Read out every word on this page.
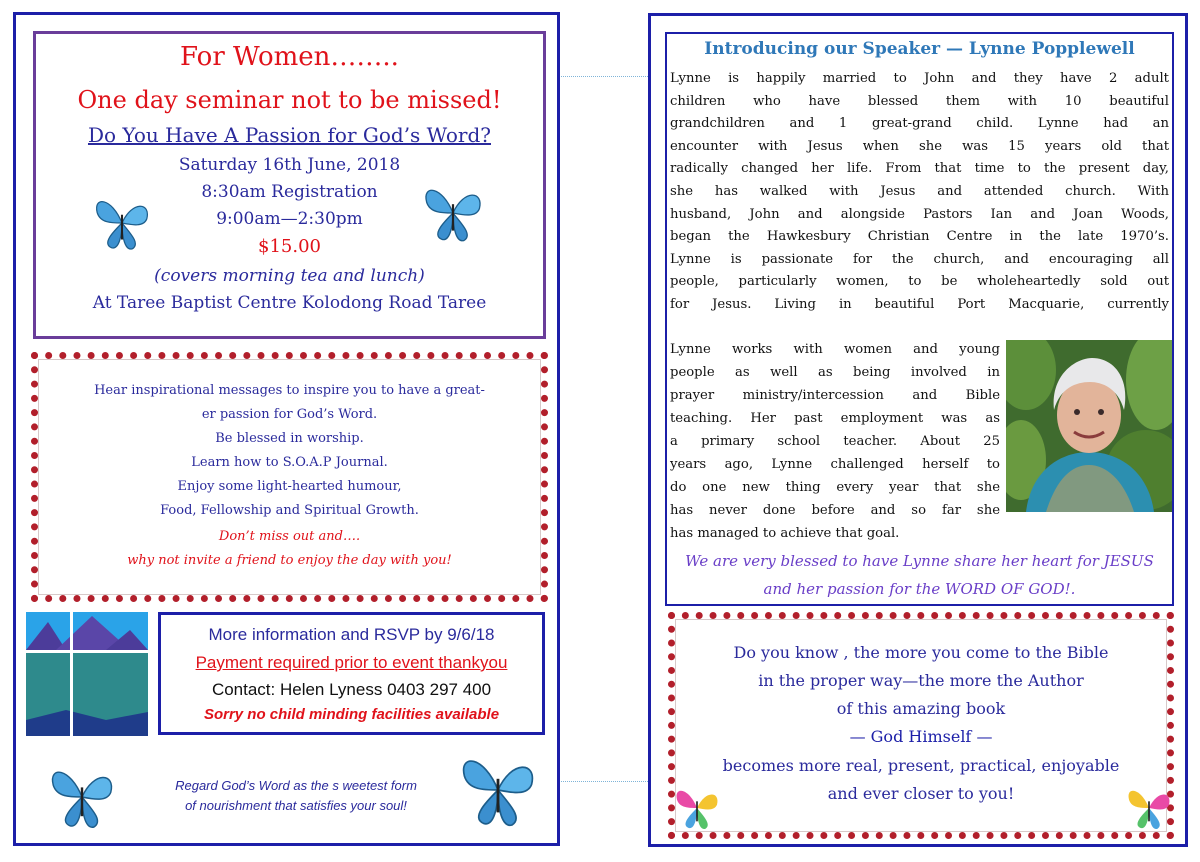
For Women……..
One day seminar not to be missed!
Do You Have A Passion for God’s Word?
Saturday 16th June, 2018
8:30am Registration
9:00am—2:30pm
$15.00
(covers morning tea and lunch)
At Taree Baptist Centre Kolodong Road Taree
Hear inspirational messages to inspire you to have a great-
er passion for God’s Word.
Be blessed in worship.
Learn how to S.O.A.P Journal.
Enjoy some light-hearted humour,
Food, Fellowship and Spiritual Growth.
Don’t miss out and….
why not invite a friend to enjoy the day with you!
More information and RSVP by 9/6/18
Payment required prior to event thankyou
Contact: Helen Lyness 0403 297 400
Sorry no child minding facilities available
Regard God’s Word as the s weetest form
of nourishment that satisfies your soul!
Introducing our Speaker — Lynne Popplewell
Lynne is happily married to John and they have 2 adult
children who have blessed them with 10 beautiful
grandchildren and 1 great-grand child. Lynne had an
encounter with Jesus when she was 15 years old that
radically changed her life. From that time to the present day,
she has walked with Jesus and attended church. With
husband, John and alongside Pastors Ian and Joan Woods,
began the Hawkesbury Christian Centre in the late 1970’s.
Lynne is passionate for the church, and encouraging all
people, particularly women, to be wholeheartedly sold out
for Jesus. Living in beautiful Port Macquarie, currently
Lynne works with women and young
people as well as being involved in
prayer ministry/intercession and Bible
teaching. Her past employment was as
a primary school teacher. About 25
years ago, Lynne challenged herself to
do one new thing every year that she
has never done before and so far she
has managed to achieve that goal.
We are very blessed to have Lynne share her heart for JESUS
and her passion for the WORD OF GOD!.
Do you know , the more you come to the Bible
in the proper way—the more the Author
of this amazing book
— God Himself —
becomes more real, present, practical, enjoyable
and ever closer to you!
